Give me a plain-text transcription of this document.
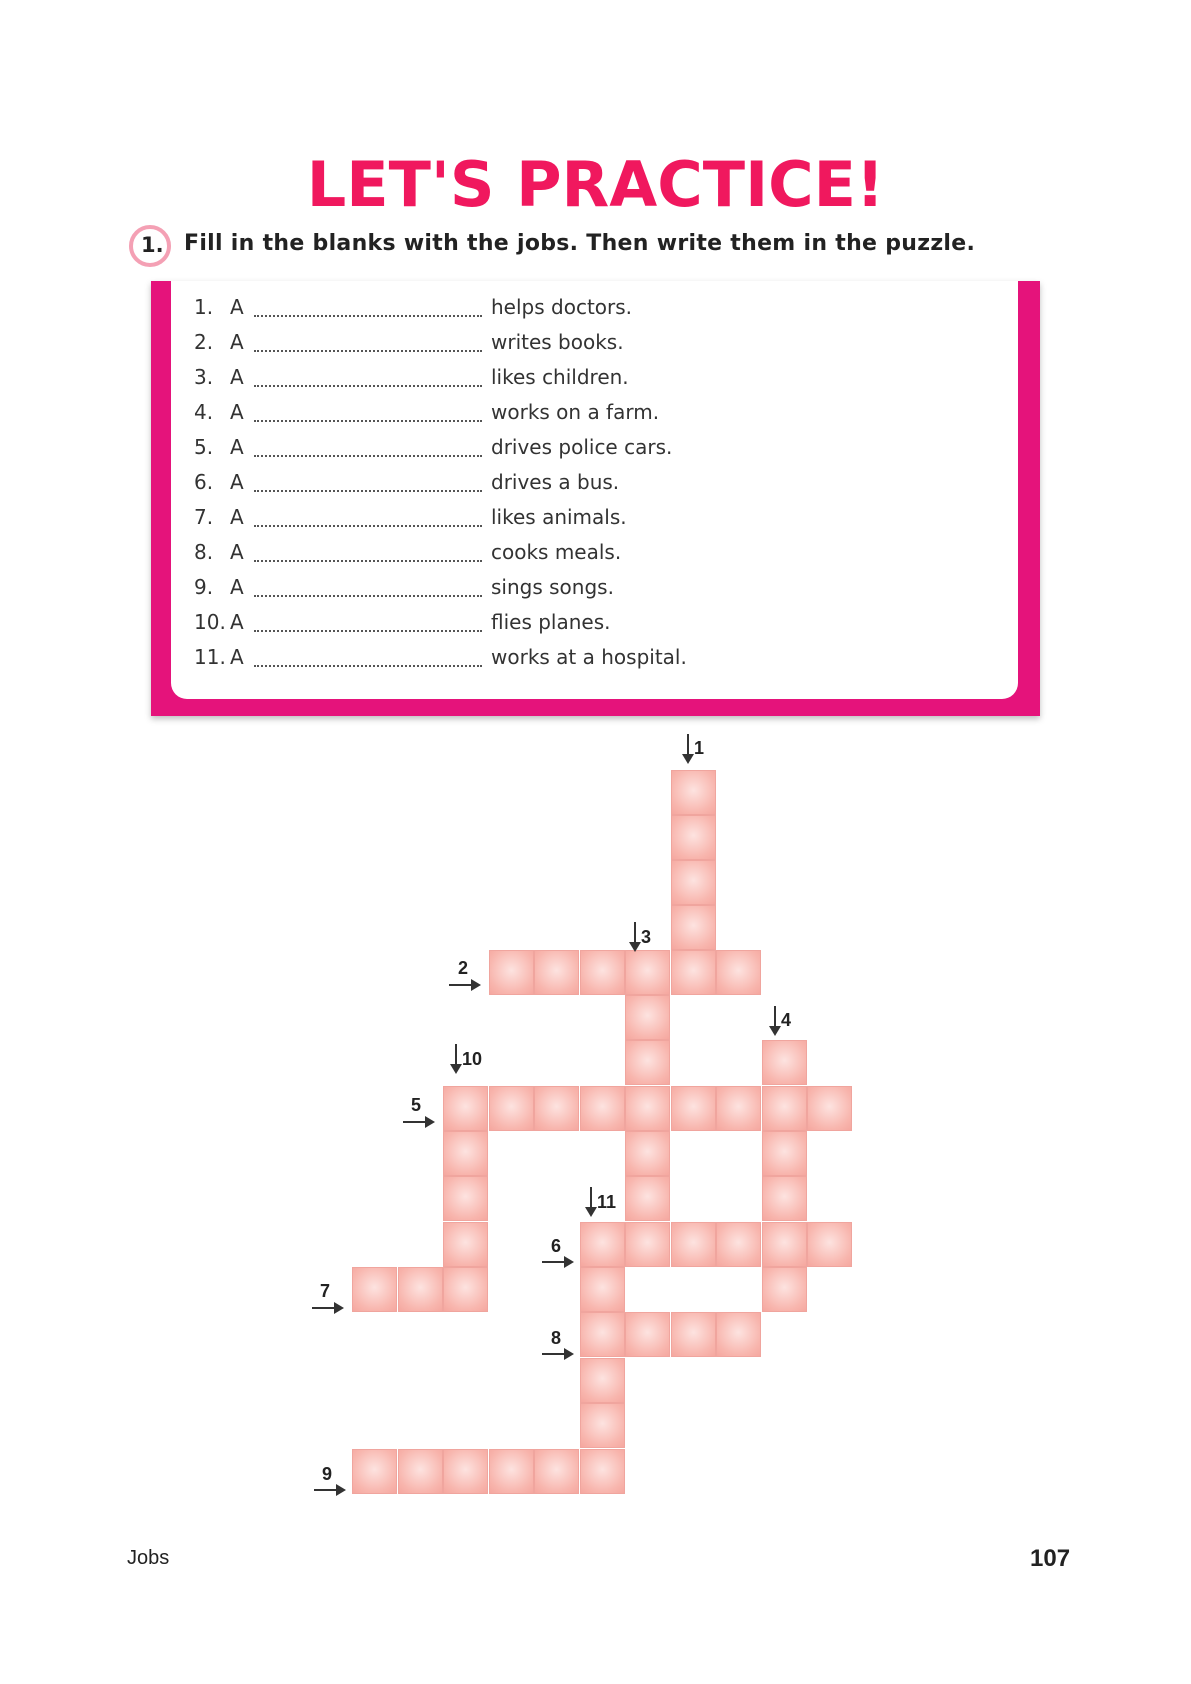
LET'S PRACTICE!
1. Fill in the blanks with the jobs. Then write them in the puzzle.
1. A	helps doctors.
2. A	writes books.
3. A	likes children.
4. A	works on a farm.
5. A	drives police cars.
6. A	drives a bus.
7. A	likes animals.
8. A	cooks meals.
9. A	sings songs.
10. A	flies planes.
11. A	works at a hospital.
1
3
2
4
10
5
11
6
7
8
9
Jobs	107
